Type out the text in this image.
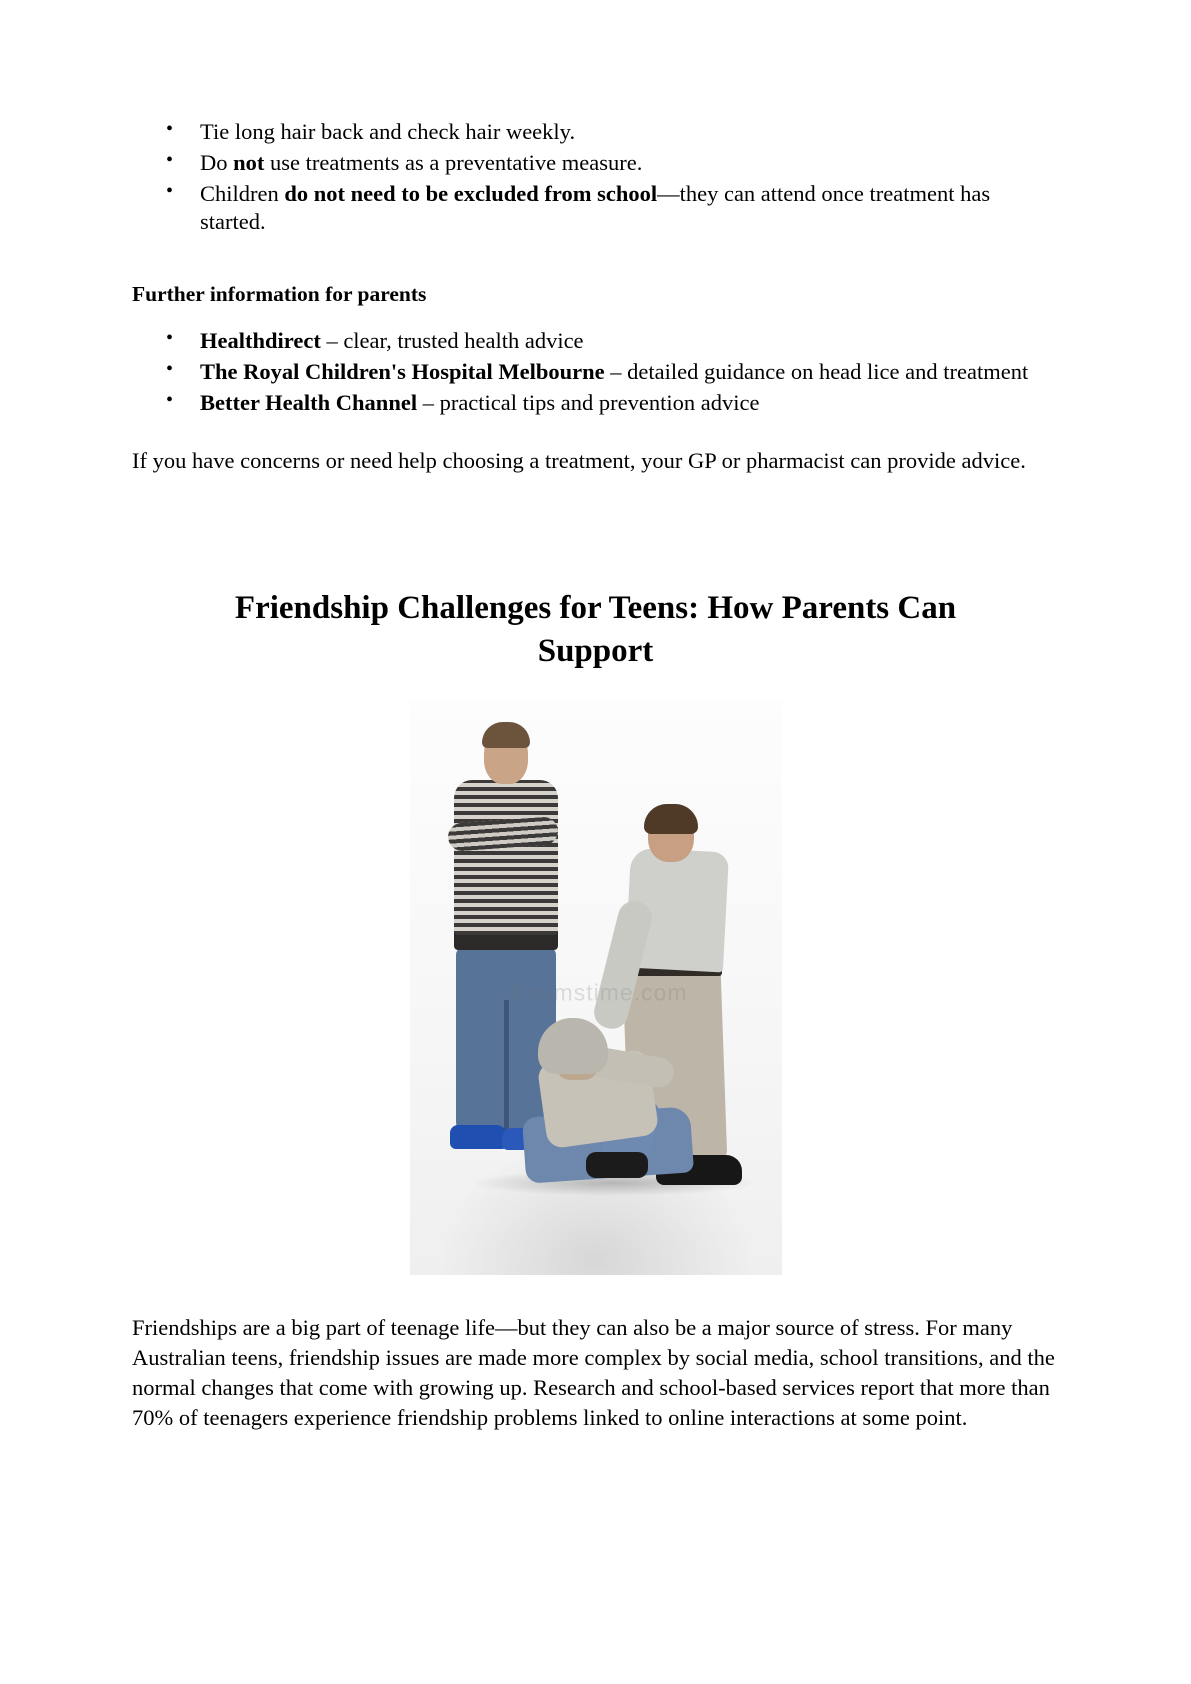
• Tie long hair back and check hair weekly.
• Do not use treatments as a preventative measure.
• Children do not need to be excluded from school—they can attend once treatment has started.
Further information for parents
• Healthdirect – clear, trusted health advice
• The Royal Children's Hospital Melbourne – detailed guidance on head lice and treatment
• Better Health Channel – practical tips and prevention advice

If you have concerns or need help choosing a treatment, your GP or pharmacist can provide advice.

Friendship Challenges for Teens: How Parents Can Support
dreamstime.com

Friendships are a big part of teenage life—but they can also be a major source of stress. For many Australian teens, friendship issues are made more complex by social media, school transitions, and the normal changes that come with growing up. Research and school-based services report that more than 70% of teenagers experience friendship problems linked to online interactions at some point.
